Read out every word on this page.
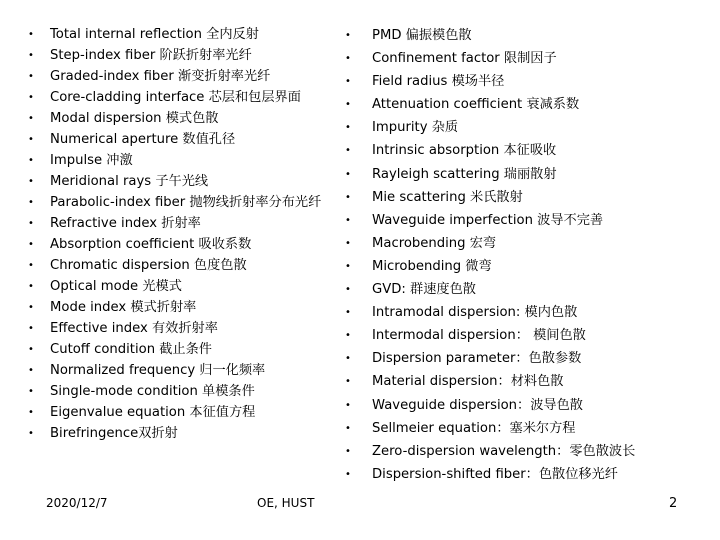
• Total internal reflection 全内反射
• Step-index fiber 阶跃折射率光纤
• Graded-index fiber 渐变折射率光纤
• Core-cladding interface 芯层和包层界面
• Modal dispersion 模式色散
• Numerical aperture 数值孔径
• Impulse 冲激
• Meridional rays 子午光线
• Parabolic-index fiber 抛物线折射率分布光纤
• Refractive index 折射率
• Absorption coefficient 吸收系数
• Chromatic dispersion 色度色散
• Optical mode 光模式
• Mode index 模式折射率
• Effective index 有效折射率
• Cutoff condition 截止条件
• Normalized frequency 归一化频率
• Single-mode condition 单模条件
• Eigenvalue equation 本征值方程
• Birefringence双折射
• PMD 偏振模色散
• Confinement factor 限制因子
• Field radius 模场半径
• Attenuation coefficient 衰减系数
• Impurity 杂质
• Intrinsic absorption 本征吸收
• Rayleigh scattering 瑞丽散射
• Mie scattering 米氏散射
• Waveguide imperfection 波导不完善
• Macrobending 宏弯
• Microbending 微弯
• GVD: 群速度色散
• Intramodal dispersion: 模内色散
• Intermodal dispersion： 模间色散
• Dispersion parameter：色散参数
• Material dispersion：材料色散
• Waveguide dispersion：波导色散
• Sellmeier equation：塞米尔方程
• Zero-dispersion wavelength：零色散波长
• Dispersion-shifted fiber：色散位移光纤
2020/12/7	OE, HUST	2
